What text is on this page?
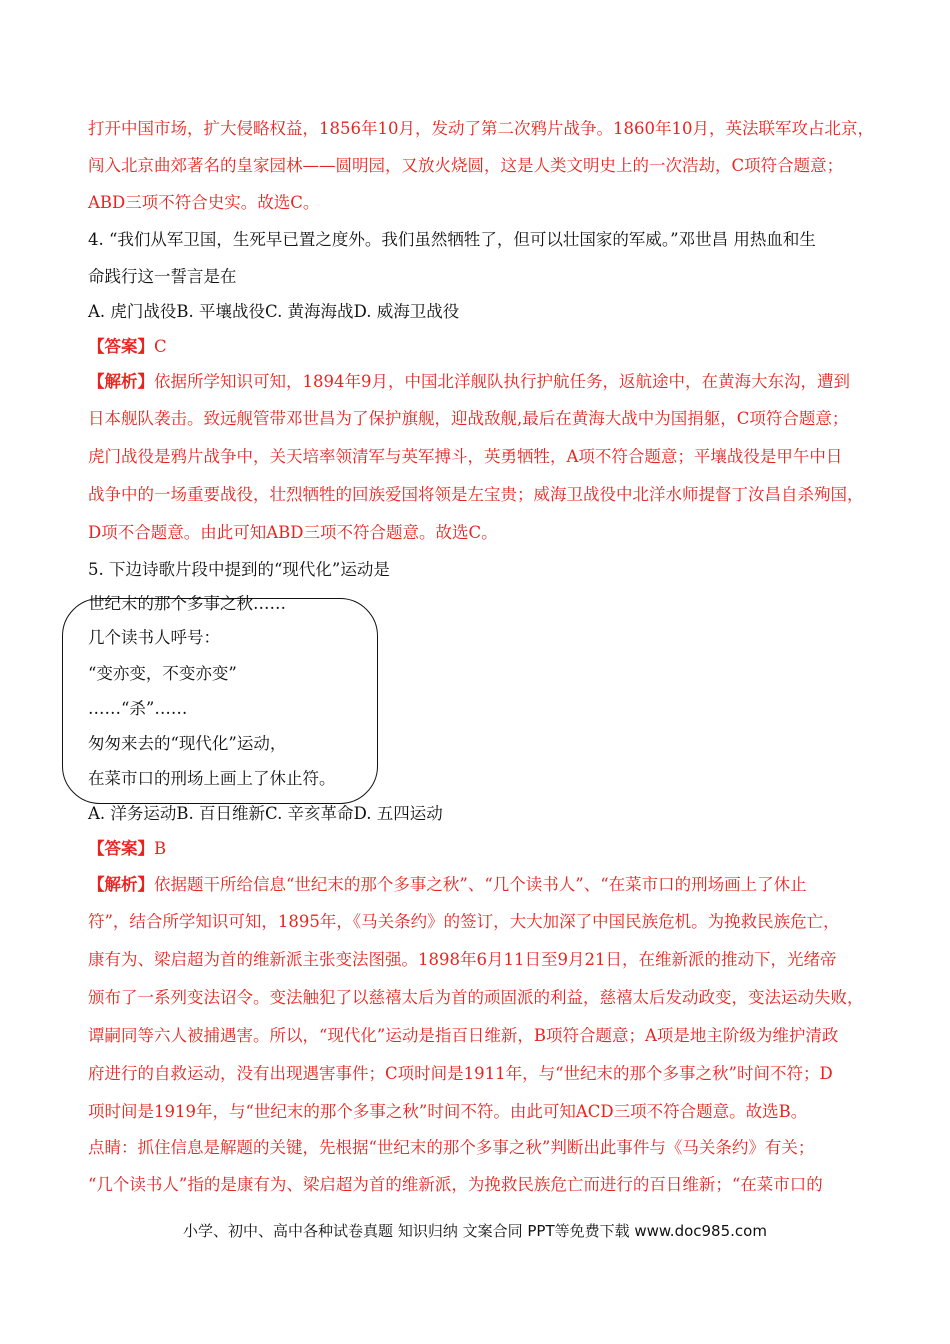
打开中国市场，扩大侵略权益，1856年10月，发动了第二次鸦片战争。1860年10月，英法联军攻占北京，
闯入北京曲郊著名的皇家园林——圆明园，又放火烧圆，这是人类文明史上的一次浩劫，C项符合题意；
ABD三项不符合史实。故选C。
4. “我们从军卫国，生死早已置之度外。我们虽然牺牲了，但可以壮国家的军威。”邓世昌 用热血和生
命践行这一誓言是在
A. 虎门战役B. 平壤战役C. 黄海海战D. 威海卫战役
【答案】C
【解析】依据所学知识可知，1894年9月，中国北洋舰队执行护航任务，返航途中，在黄海大东沟，遭到
日本舰队袭击。致远舰管带邓世昌为了保护旗舰，迎战敌舰,最后在黄海大战中为国捐躯，C项符合题意；
虎门战役是鸦片战争中，关天培率领清军与英军搏斗，英勇牺牲，A项不符合题意；平壤战役是甲午中日
战争中的一场重要战役，壮烈牺牲的回族爱国将领是左宝贵；威海卫战役中北洋水师提督丁汝昌自杀殉国，
D项不合题意。由此可知ABD三项不符合题意。故选C。
5. 下边诗歌片段中提到的“现代化”运动是
世纪末的那个多事之秋……
几个读书人呼号：
“变亦变，不变亦变”
……“杀”……
匆匆来去的“现代化”运动，
在菜市口的刑场上画上了休止符。
A. 洋务运动B. 百日维新C. 辛亥革命D. 五四运动
【答案】B
【解析】依据题干所给信息“世纪末的那个多事之秋”、“几个读书人”、“在菜市口的刑场画上了休止
符”，结合所学知识可知，1895年，《马关条约》的签订，大大加深了中国民族危机。为挽救民族危亡，
康有为、梁启超为首的维新派主张变法图强。1898年6月11日至9月21日，在维新派的推动下，光绪帝
颁布了一系列变法诏令。变法触犯了以慈禧太后为首的顽固派的利益，慈禧太后发动政变，变法运动失败，
谭嗣同等六人被捕遇害。所以，“现代化”运动是指百日维新，B项符合题意；A项是地主阶级为维护清政
府进行的自救运动，没有出现遇害事件；C项时间是1911年，与“世纪末的那个多事之秋”时间不符；D
项时间是1919年，与“世纪末的那个多事之秋”时间不符。由此可知ACD三项不符合题意。故选B。
点睛：抓住信息是解题的关键，先根据“世纪末的那个多事之秋”判断出此事件与《马关条约》有关；
“几个读书人”指的是康有为、梁启超为首的维新派，为挽救民族危亡而进行的百日维新；“在菜市口的
小学、初中、高中各种试卷真题 知识归纳 文案合同 PPT等免费下载 www.doc985.com
